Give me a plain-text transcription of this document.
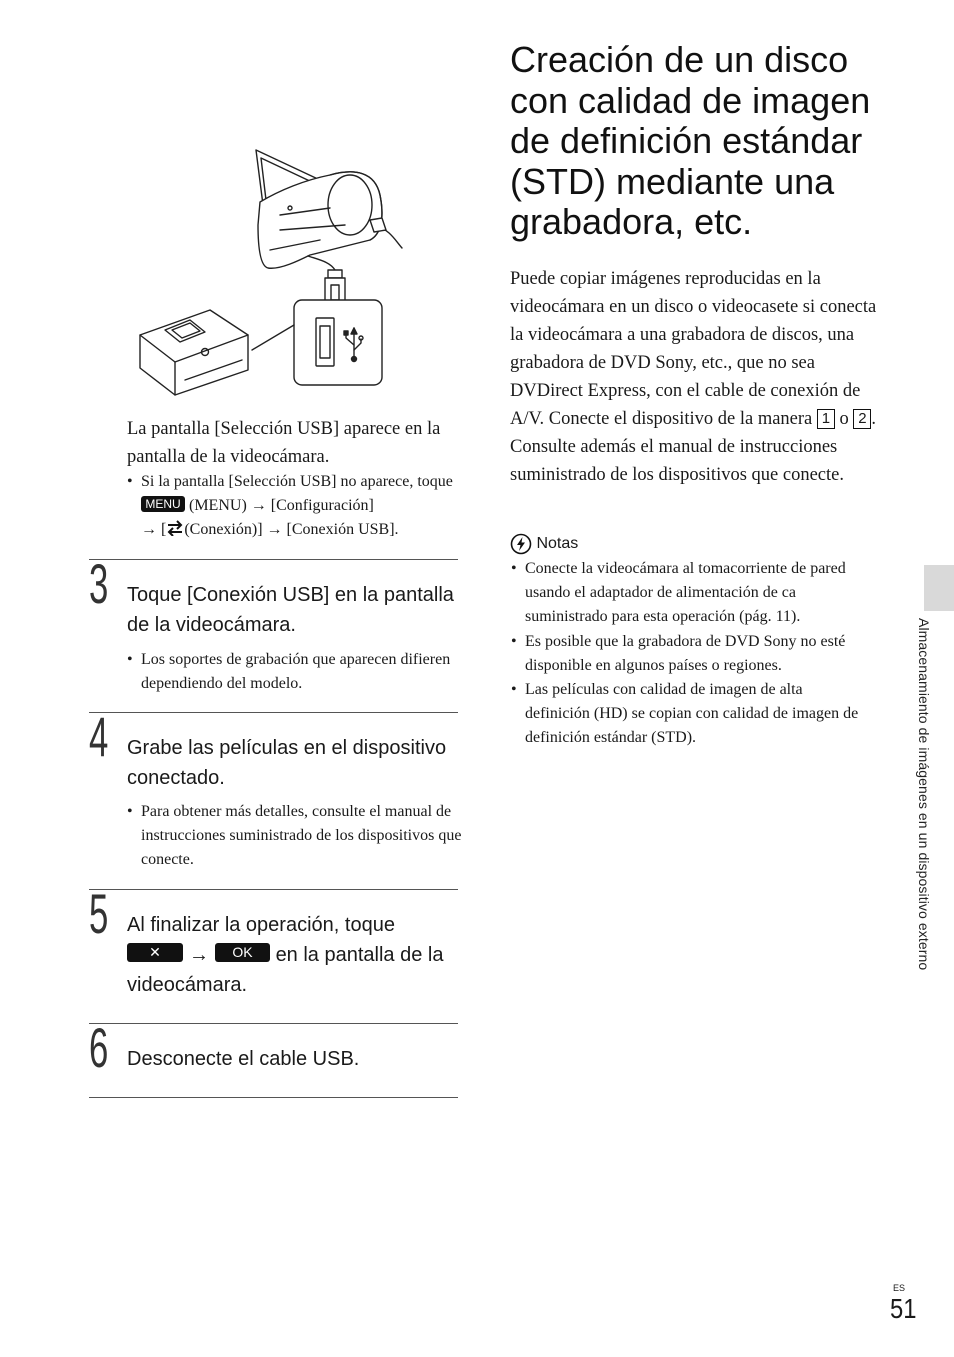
La pantalla [Selección USB] aparece en la pantalla de la videocámara.
• Si la pantalla [Selección USB] no aparece, toque MENU (MENU) → [Configuración]
→ [ (Conexión)] → [Conexión USB].
3 Toque [Conexión USB] en la pantalla de la videocámara.
• Los soportes de grabación que aparecen difieren dependiendo del modelo.
4 Grabe las películas en el dispositivo conectado.
• Para obtener más detalles, consulte el manual de instrucciones suministrado de los dispositivos que conecte.
5 Al finalizar la operación, toque
✕ → OK en la pantalla de la videocámara.
6 Desconecte el cable USB.
Creación de un disco con calidad de imagen de definición estándar (STD) mediante una grabadora, etc.
Puede copiar imágenes reproducidas en la videocámara en un disco o videocasete si conecta la videocámara a una grabadora de discos, una grabadora de DVD Sony, etc., que no sea DVDirect Express, con el cable de conexión de A/V. Conecte el dispositivo de la manera 1 o 2 . Consulte además el manual de instrucciones suministrado de los dispositivos que conecte.
Notas
• Conecte la videocámara al tomacorriente de pared usando el adaptador de alimentación de ca suministrado para esta operación (pág. 11).
• Es posible que la grabadora de DVD Sony no esté disponible en algunos países o regiones.
• Las películas con calidad de imagen de alta definición (HD) se copian con calidad de imagen de definición estándar (STD).	Almacenamiento de imágenes en un dispositivo externo
ES
51
